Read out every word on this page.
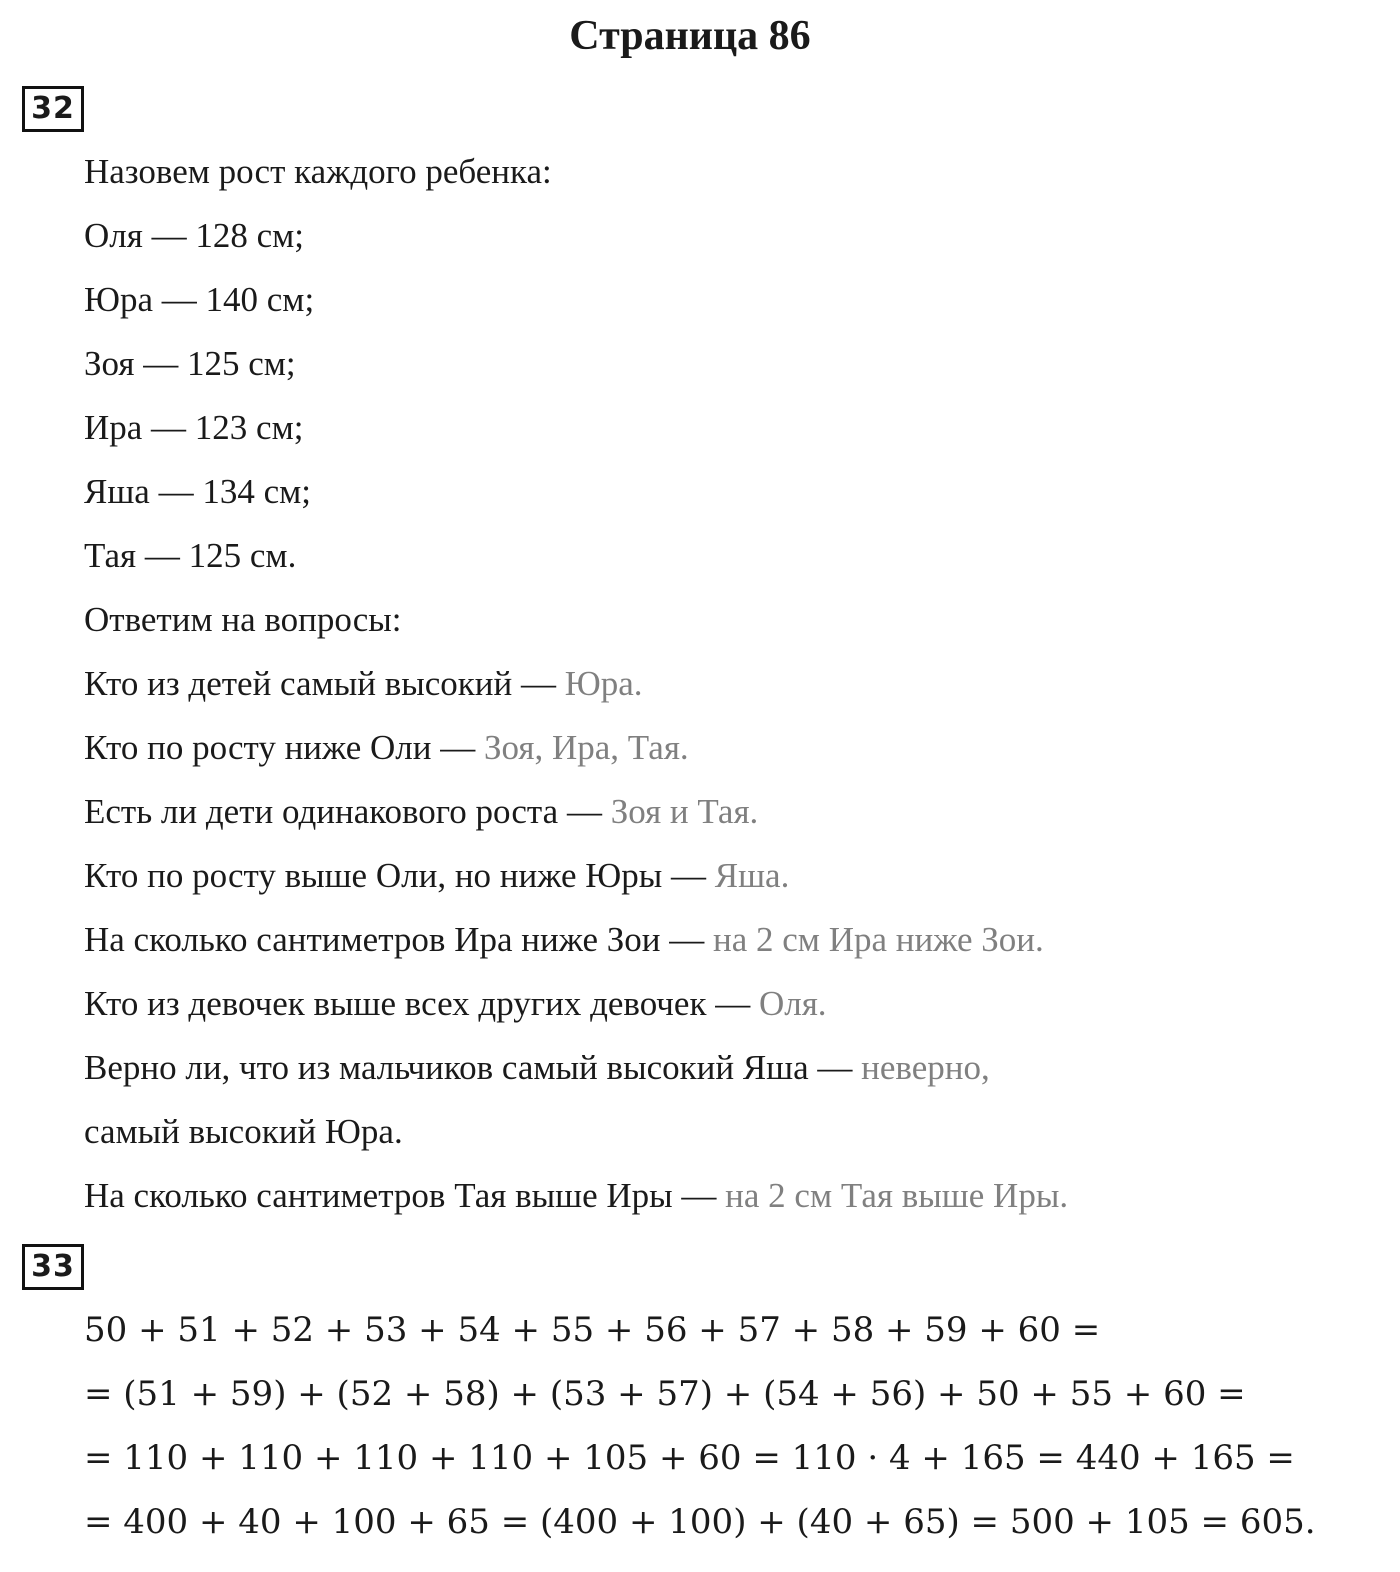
Страница 86
32
Назовем рост каждого ребенка:
Оля — 128 см;
Юра — 140 см;
Зоя — 125 см;
Ира — 123 см;
Яша — 134 см;
Тая — 125 см.
Ответим на вопросы:
Кто из детей самый высокий — Юра.
Кто по росту ниже Оли — Зоя, Ира, Тая.
Есть ли дети одинакового роста — Зоя и Тая.
Кто по росту выше Оли, но ниже Юры — Яша.
На сколько сантиметров Ира ниже Зои — на 2 см Ира ниже Зои.
Кто из девочек выше всех других девочек — Оля.
Верно ли, что из мальчиков самый высокий Яша — неверно,
самый высокий Юра.
На сколько сантиметров Тая выше Иры — на 2 см Тая выше Иры.
33
50 + 51 + 52 + 53 + 54 + 55 + 56 + 57 + 58 + 59 + 60 =
= (51 + 59) + (52 + 58) + (53 + 57) + (54 + 56) + 50 + 55 + 60 =
= 110 + 110 + 110 + 110 + 105 + 60 = 110 · 4 + 165 = 440 + 165 =
= 400 + 40 + 100 + 65 = (400 + 100) + (40 + 65) = 500 + 105 = 605.
